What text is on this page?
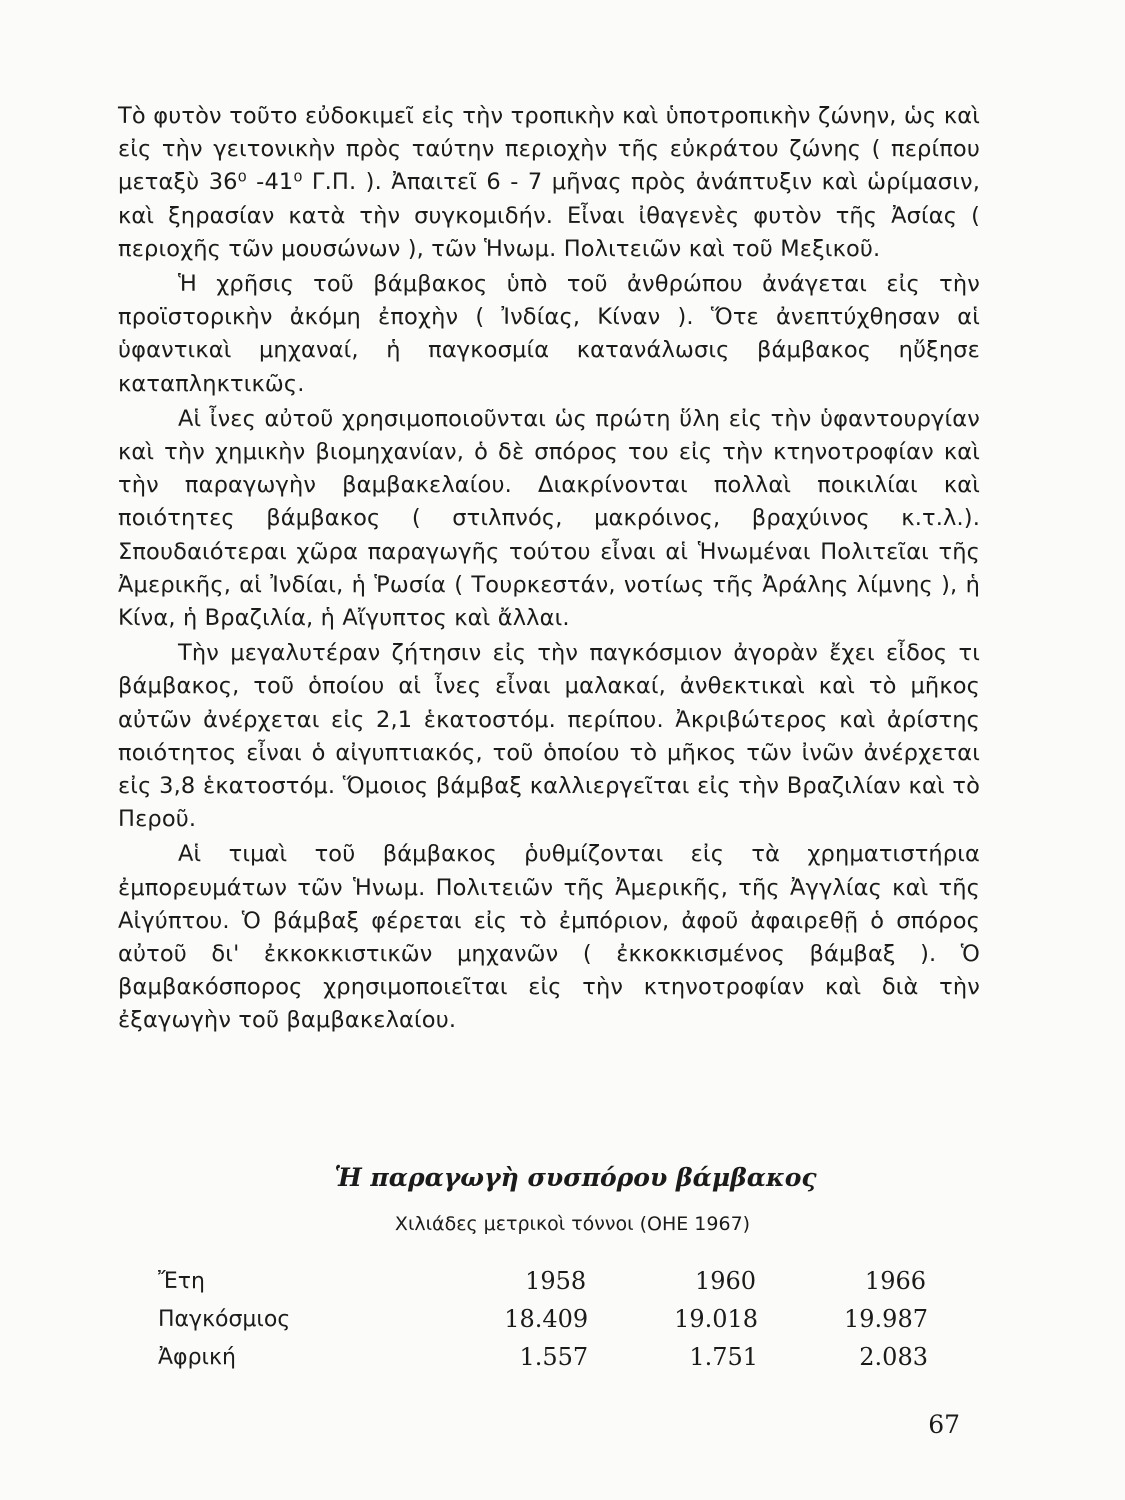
Τὸ φυτὸν τοῦτο εὐδοκιμεῖ εἰς τὴν τροπικὴν καὶ ὑποτροπικὴν ζώνην, ὡς καὶ εἰς τὴν γειτονικὴν πρὸς ταύτην περιοχὴν τῆς εὐκράτου ζώνης ( περίπου μεταξὺ 36⁰ -41⁰ Γ.Π. ). Ἀπαιτεῖ 6 - 7 μῆνας πρὸς ἀνάπτυξιν καὶ ὡρίμασιν, καὶ ξηρασίαν κατὰ τὴν συγκομιδήν. Εἶναι ἰθαγενὲς φυτὸν τῆς Ἀσίας ( περιοχῆς τῶν μουσώνων ), τῶν Ἡνωμ. Πολιτειῶν καὶ τοῦ Μεξικοῦ.

Ἡ χρῆσις τοῦ βάμβακος ὑπὸ τοῦ ἀνθρώπου ἀνάγεται εἰς τὴν προϊστορικὴν ἀκόμη ἐποχὴν ( Ἰνδίας, Κίναν ). Ὅτε ἀνεπτύχθησαν αἱ ὑφαντικαὶ μηχαναί, ἡ παγκοσμία κατανάλωσις βάμβακος ηὔξησε καταπληκτικῶς.

Αἱ ἶνες αὐτοῦ χρησιμοποιοῦνται ὡς πρώτη ὕλη εἰς τὴν ὑφαντουργίαν καὶ τὴν χημικὴν βιομηχανίαν, ὁ δὲ σπόρος του εἰς τὴν κτηνοτροφίαν καὶ τὴν παραγωγὴν βαμβακελαίου. Διακρίνονται πολλαὶ ποικιλίαι καὶ ποιότητες βάμβακος ( στιλπνός, μακρόινος, βραχύινος κ.τ.λ.). Σπουδαιότεραι χῶρα παραγωγῆς τούτου εἶναι αἱ Ἡνωμέναι Πολιτεῖαι τῆς Ἀμερικῆς, αἱ Ἰνδίαι, ἡ Ῥωσία ( Τουρκεστάν, νοτίως τῆς Ἀράλης λίμνης ), ἡ Κίνα, ἡ Βραζιλία, ἡ Αἴγυπτος καὶ ἄλλαι.

Τὴν μεγαλυτέραν ζήτησιν εἰς τὴν παγκόσμιον ἀγορὰν ἔχει εἶδος τι βάμβακος, τοῦ ὁποίου αἱ ἶνες εἶναι μαλακαί, ἀνθεκτικαὶ καὶ τὸ μῆκος αὐτῶν ἀνέρχεται εἰς 2,1 ἑκατοστόμ. περίπου. Ἀκριβώτερος καὶ ἀρίστης ποιότητος εἶναι ὁ αἰγυπτιακός, τοῦ ὁποίου τὸ μῆκος τῶν ἰνῶν ἀνέρχεται εἰς 3,8 ἑκατοστόμ. Ὅμοιος βάμβαξ καλλιεργεῖται εἰς τὴν Βραζιλίαν καὶ τὸ Περοῦ.

Αἱ τιμαὶ τοῦ βάμβακος ῥυθμίζονται εἰς τὰ χρηματιστήρια ἐμπορευμάτων τῶν Ἡνωμ. Πολιτειῶν τῆς Ἀμερικῆς, τῆς Ἀγγλίας καὶ τῆς Αἰγύπτου. Ὁ βάμβαξ φέρεται εἰς τὸ ἐμπόριον, ἀφοῦ ἀφαιρεθῇ ὁ σπόρος αὐτοῦ δι' ἐκκοκκιστικῶν μηχανῶν ( ἐκκοκκισμένος βάμβαξ ). Ὁ βαμβακόσπορος χρησιμοποιεῖται εἰς τὴν κτηνοτροφίαν καὶ διὰ τὴν ἐξαγωγὴν τοῦ βαμβακελαίου.

Ἡ παραγωγὴ συσπόρου βάμβακος
Χιλιάδες μετρικοὶ τόννοι (ΟΗΕ 1967)
Ἔτη	1958	1960	1966
Παγκόσμιος	18.409	19.018	19.987
Ἀφρική	1.557	1.751	2.083
67
